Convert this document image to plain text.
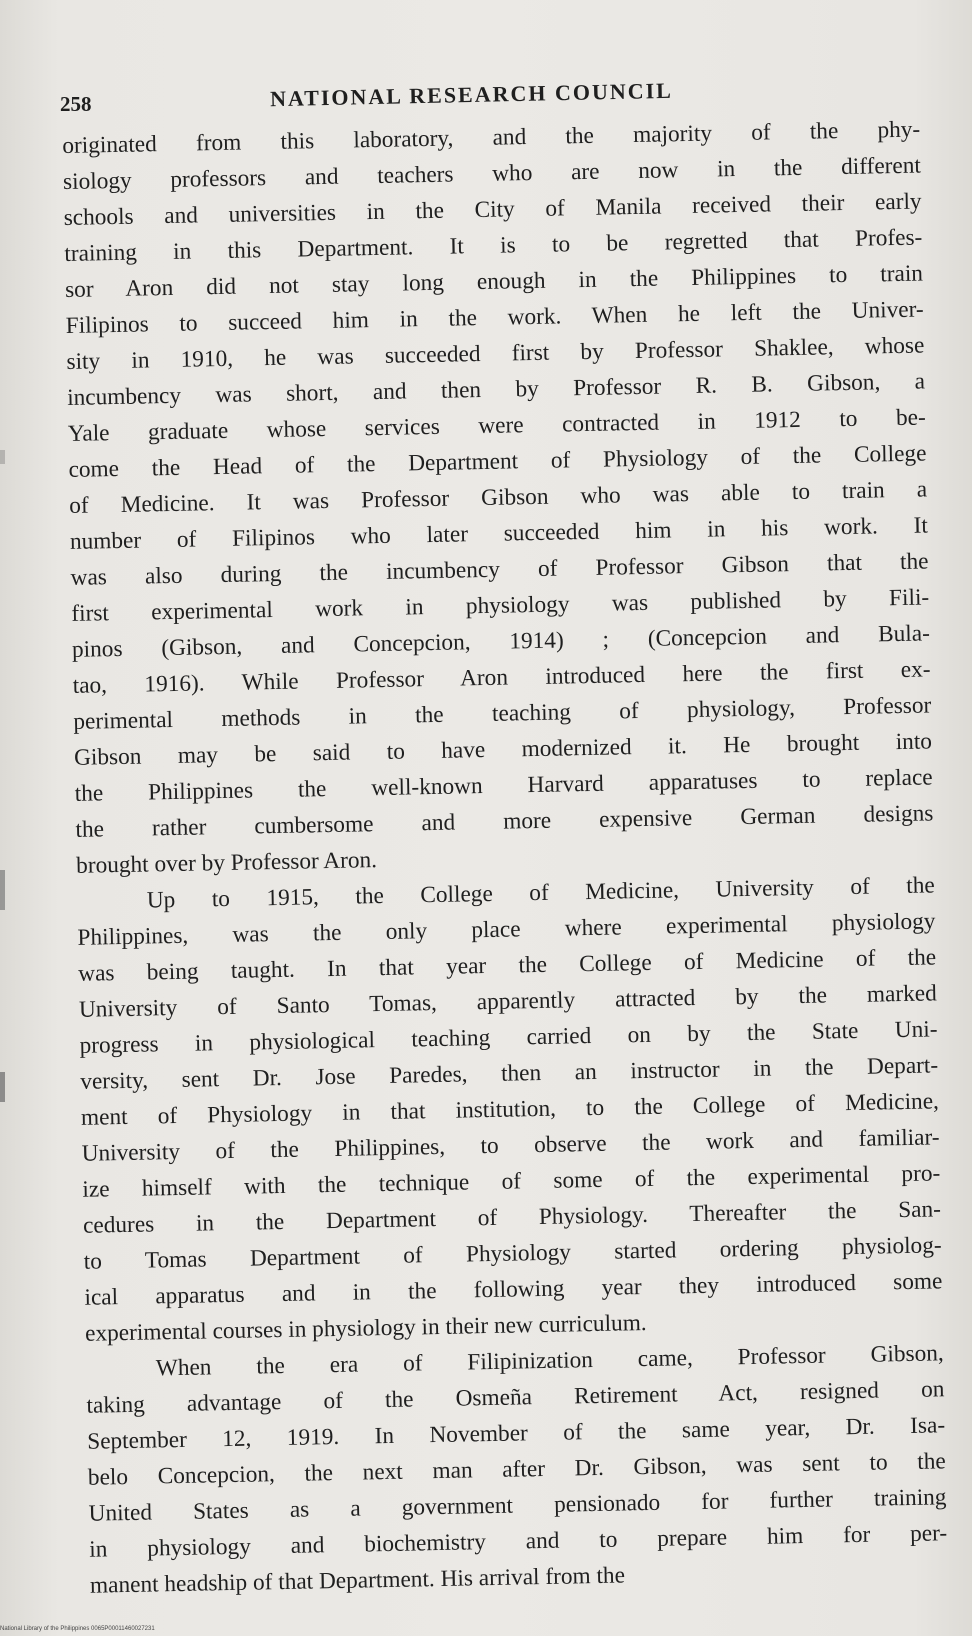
258	NATIONAL RESEARCH COUNCIL
originated from this laboratory, and the majority of the phy-
siology professors and teachers who are now in the different
schools and universities in the City of Manila received their early
training in this Department. It is to be regretted that Profes-
sor Aron did not stay long enough in the Philippines to train
Filipinos to succeed him in the work. When he left the Univer-
sity in 1910, he was succeeded first by Professor Shaklee, whose
incumbency was short, and then by Professor R. B. Gibson, a
Yale graduate whose services were contracted in 1912 to be-
come the Head of the Department of Physiology of the College
of Medicine. It was Professor Gibson who was able to train a
number of Filipinos who later succeeded him in his work. It
was also during the incumbency of Professor Gibson that the
first experimental work in physiology was published by Fili-
pinos (Gibson, and Concepcion, 1914) ; (Concepcion and Bula-
tao, 1916). While Professor Aron introduced here the first ex-
perimental methods in the teaching of physiology, Professor
Gibson may be said to have modernized it. He brought into
the Philippines the well-known Harvard apparatuses to replace
the rather cumbersome and more expensive German designs
brought over by Professor Aron.
Up to 1915, the College of Medicine, University of the
Philippines, was the only place where experimental physiology
was being taught. In that year the College of Medicine of the
University of Santo Tomas, apparently attracted by the marked
progress in physiological teaching carried on by the State Uni-
versity, sent Dr. Jose Paredes, then an instructor in the Depart-
ment of Physiology in that institution, to the College of Medicine,
University of the Philippines, to observe the work and familiar-
ize himself with the technique of some of the experimental pro-
cedures in the Department of Physiology. Thereafter the San-
to Tomas Department of Physiology started ordering physiolog-
ical apparatus and in the following year they introduced some
experimental courses in physiology in their new curriculum.
When the era of Filipinization came, Professor Gibson,
taking advantage of the Osmeña Retirement Act, resigned on
September 12, 1919. In November of the same year, Dr. Isa-
belo Concepcion, the next man after Dr. Gibson, was sent to the
United States as a government pensionado for further training
in physiology and biochemistry and to prepare him for per-
manent headship of that Department. His arrival from the
National Library of the Philippines 0065P00011460027231
